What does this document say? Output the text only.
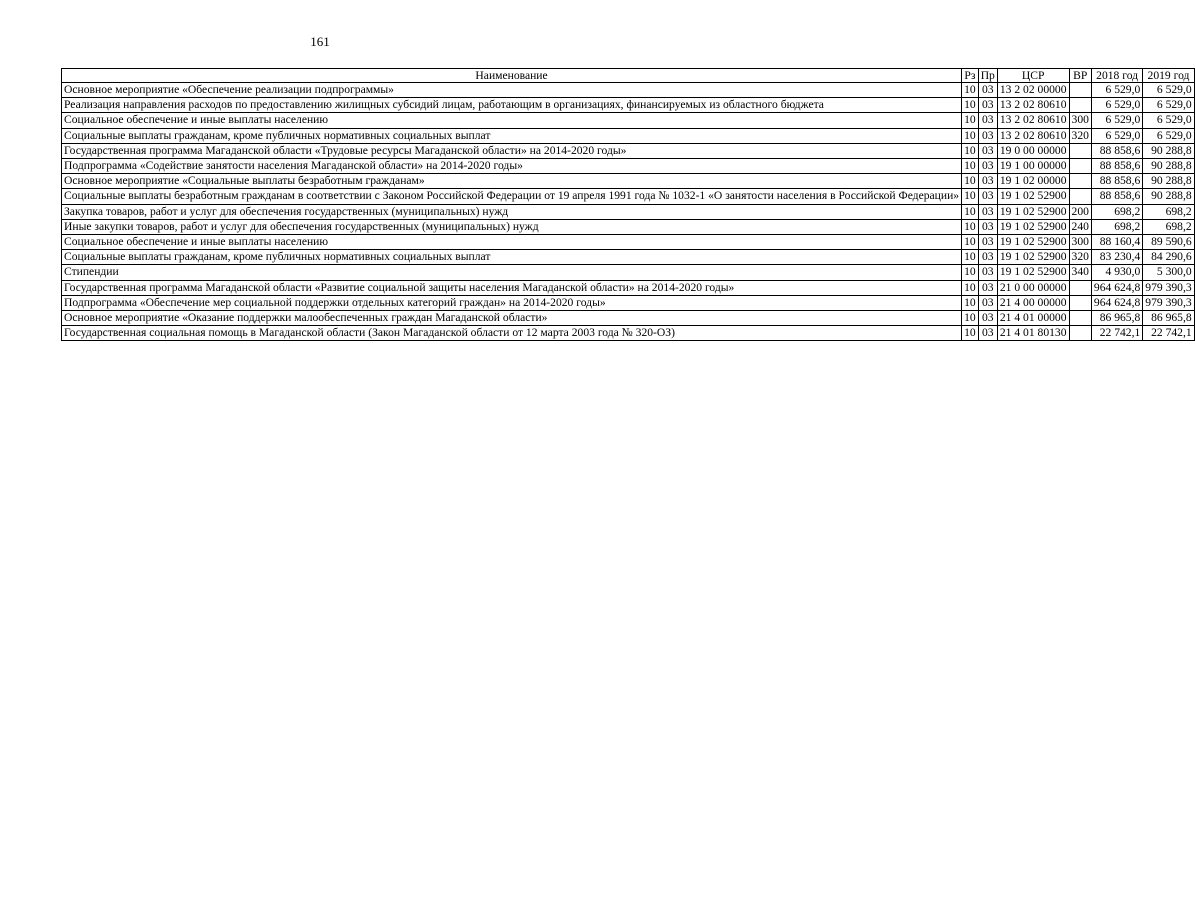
161
Наименование	Рз	Пр	ЦСР	ВР	2018 год	2019 год
Основное мероприятие «Обеспечение реализации подпрограммы»	10	03	13 2 02 00000		6 529,0	6 529,0
Реализация направления расходов по предоставлению жилищных субсидий лицам, работающим в организациях, финансируемых из областного бюджета	10	03	13 2 02 80610		6 529,0	6 529,0
Социальное обеспечение и иные выплаты населению	10	03	13 2 02 80610	300	6 529,0	6 529,0
Социальные выплаты гражданам, кроме публичных нормативных социальных выплат	10	03	13 2 02 80610	320	6 529,0	6 529,0
Государственная программа Магаданской области «Трудовые ресурсы Магаданской области» на 2014-2020 годы»	10	03	19 0 00 00000		88 858,6	90 288,8
Подпрограмма «Содействие занятости населения Магаданской области» на 2014-2020 годы»	10	03	19 1 00 00000		88 858,6	90 288,8
Основное мероприятие «Социальные выплаты безработным гражданам»	10	03	19 1 02 00000		88 858,6	90 288,8
Социальные выплаты безработным гражданам в соответствии с Законом Российской Федерации от 19 апреля 1991 года № 1032-1 «О занятости населения в Российской Федерации»	10	03	19 1 02 52900		88 858,6	90 288,8
Закупка товаров, работ и услуг для обеспечения государственных (муниципальных) нужд	10	03	19 1 02 52900	200	698,2	698,2
Иные закупки товаров, работ и услуг для обеспечения государственных (муниципальных) нужд	10	03	19 1 02 52900	240	698,2	698,2
Социальное обеспечение и иные выплаты населению	10	03	19 1 02 52900	300	88 160,4	89 590,6
Социальные выплаты гражданам, кроме публичных нормативных социальных выплат	10	03	19 1 02 52900	320	83 230,4	84 290,6
Стипендии	10	03	19 1 02 52900	340	4 930,0	5 300,0
Государственная программа Магаданской области «Развитие социальной защиты населения Магаданской области» на 2014-2020 годы»	10	03	21 0 00 00000		964 624,8	979 390,3
Подпрограмма «Обеспечение мер социальной поддержки отдельных категорий граждан» на 2014-2020 годы»	10	03	21 4 00 00000		964 624,8	979 390,3
Основное мероприятие «Оказание поддержки малообеспеченных граждан Магаданской области»	10	03	21 4 01 00000		86 965,8	86 965,8
Государственная социальная помощь в Магаданской области (Закон Магаданской области от 12 марта 2003 года № 320-ОЗ)	10	03	21 4 01 80130		22 742,1	22 742,1
